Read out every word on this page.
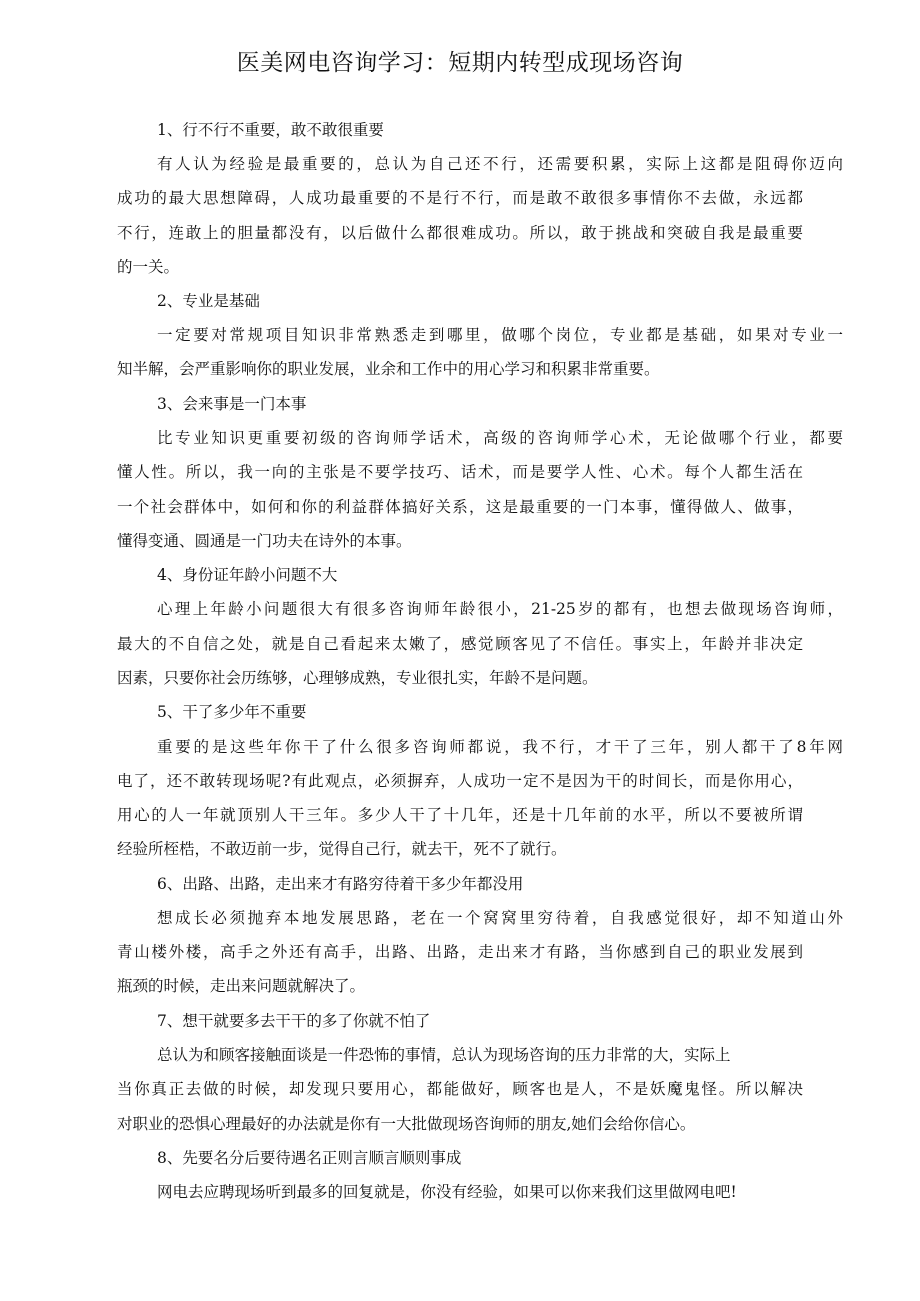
医美网电咨询学习：短期内转型成现场咨询
1、行不行不重要，敢不敢很重要
有人认为经验是最重要的，总认为自己还不行，还需要积累，实际上这都是阻碍你迈向
成功的最大思想障碍，人成功最重要的不是行不行，而是敢不敢很多事情你不去做，永远都
不行，连敢上的胆量都没有，以后做什么都很难成功。所以，敢于挑战和突破自我是最重要
的一关。
2、专业是基础
一定要对常规项目知识非常熟悉走到哪里，做哪个岗位，专业都是基础，如果对专业一
知半解，会严重影响你的职业发展，业余和工作中的用心学习和积累非常重要。
3、会来事是一门本事
比专业知识更重要初级的咨询师学话术，高级的咨询师学心术，无论做哪个行业，都要
懂人性。所以，我一向的主张是不要学技巧、话术，而是要学人性、心术。每个人都生活在
一个社会群体中，如何和你的利益群体搞好关系，这是最重要的一门本事，懂得做人、做事，
懂得变通、圆通是一门功夫在诗外的本事。
4、身份证年龄小问题不大
心理上年龄小问题很大有很多咨询师年龄很小，21-25岁的都有，也想去做现场咨询师，
最大的不自信之处，就是自己看起来太嫩了，感觉顾客见了不信任。事实上，年龄并非决定
因素，只要你社会历练够，心理够成熟，专业很扎实，年龄不是问题。
5、干了多少年不重要
重要的是这些年你干了什么很多咨询师都说，我不行，才干了三年，别人都干了8年网
电了，还不敢转现场呢?有此观点，必须摒弃，人成功一定不是因为干的时间长，而是你用心，
用心的人一年就顶别人干三年。多少人干了十几年，还是十几年前的水平，所以不要被所谓
经验所桎梏，不敢迈前一步，觉得自己行，就去干，死不了就行。
6、出路、出路，走出来才有路穷待着干多少年都没用
想成长必须抛弃本地发展思路，老在一个窝窝里穷待着，自我感觉很好，却不知道山外
青山楼外楼，高手之外还有高手，出路、出路，走出来才有路，当你感到自己的职业发展到
瓶颈的时候，走出来问题就解决了。
7、想干就要多去干干的多了你就不怕了
总认为和顾客接触面谈是一件恐怖的事情，总认为现场咨询的压力非常的大，实际上
当你真正去做的时候，却发现只要用心，都能做好，顾客也是人，不是妖魔鬼怪。所以解决
对职业的恐惧心理最好的办法就是你有一大批做现场咨询师的朋友,她们会给你信心。
8、先要名分后要待遇名正则言顺言顺则事成
网电去应聘现场听到最多的回复就是，你没有经验，如果可以你来我们这里做网电吧!
